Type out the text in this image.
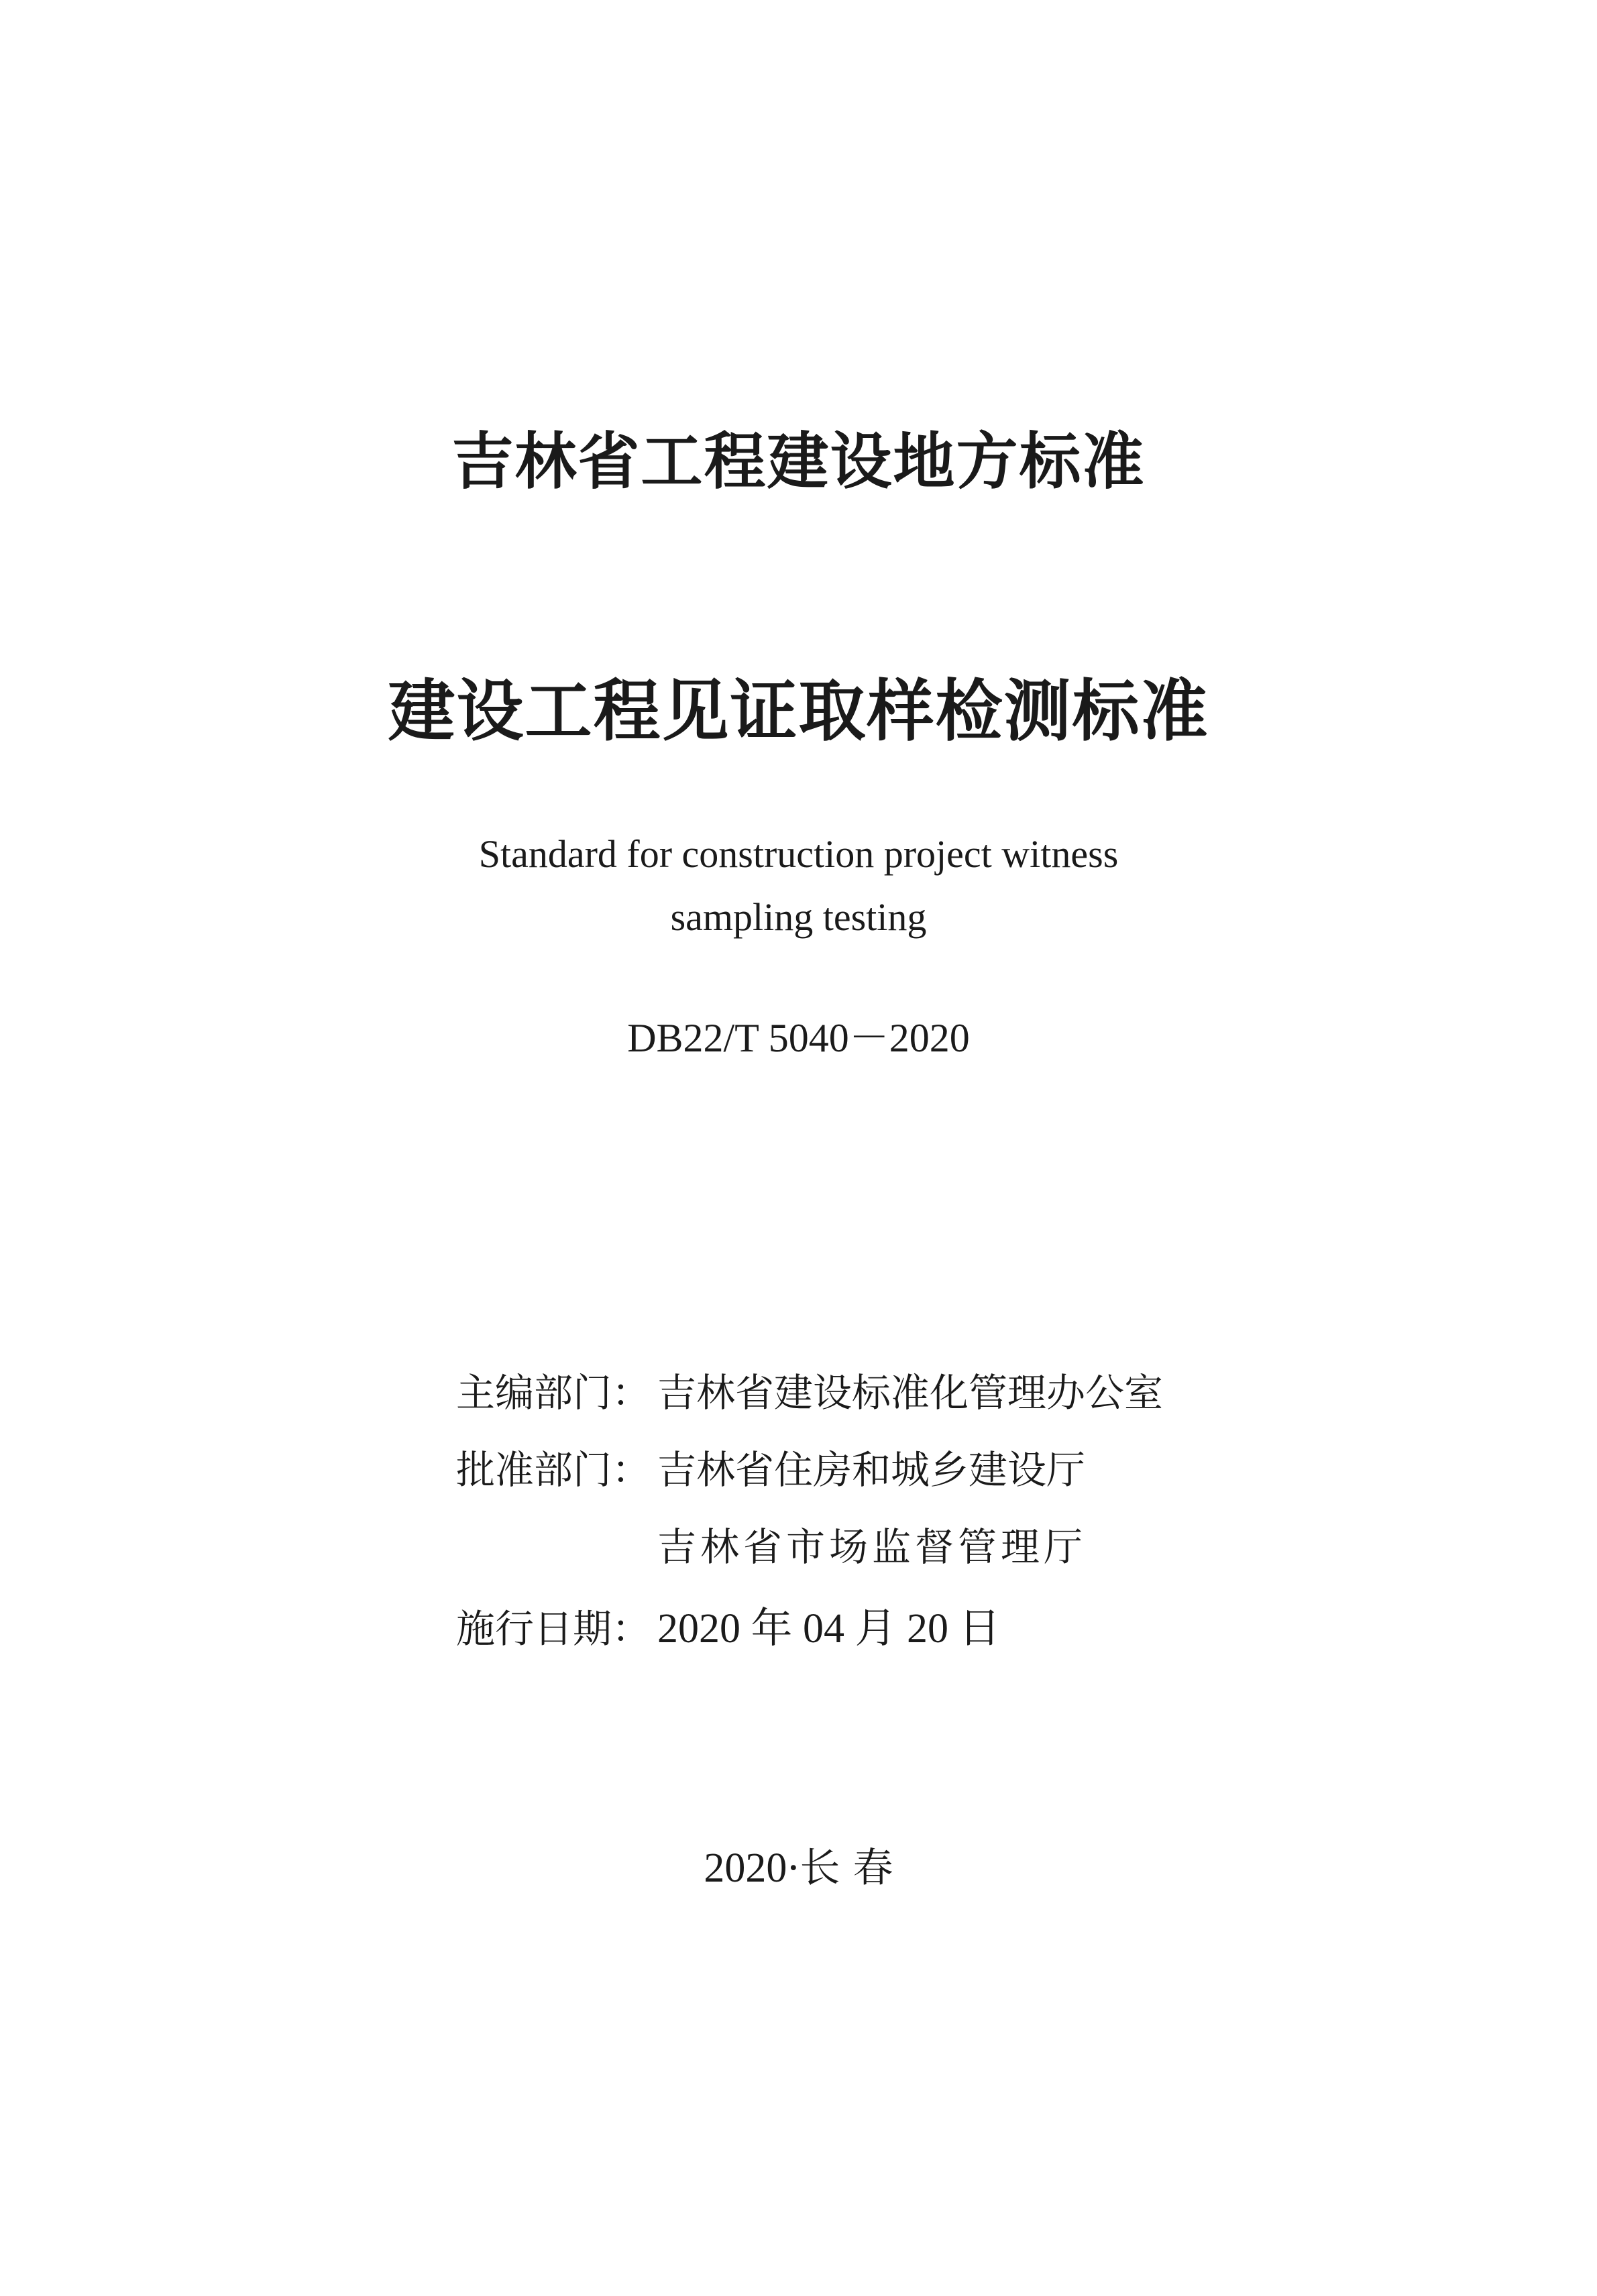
吉林省工程建设地方标准
建设工程见证取样检测标准
Standard for construction project witness
sampling testing
DB22/T 5040－2020
主编部门： 吉林省建设标准化管理办公室
批准部门： 吉林省住房和城乡建设厅
吉林省市场监督管理厅
施行日期： 2020 年 04 月 20 日
2020·长 春
